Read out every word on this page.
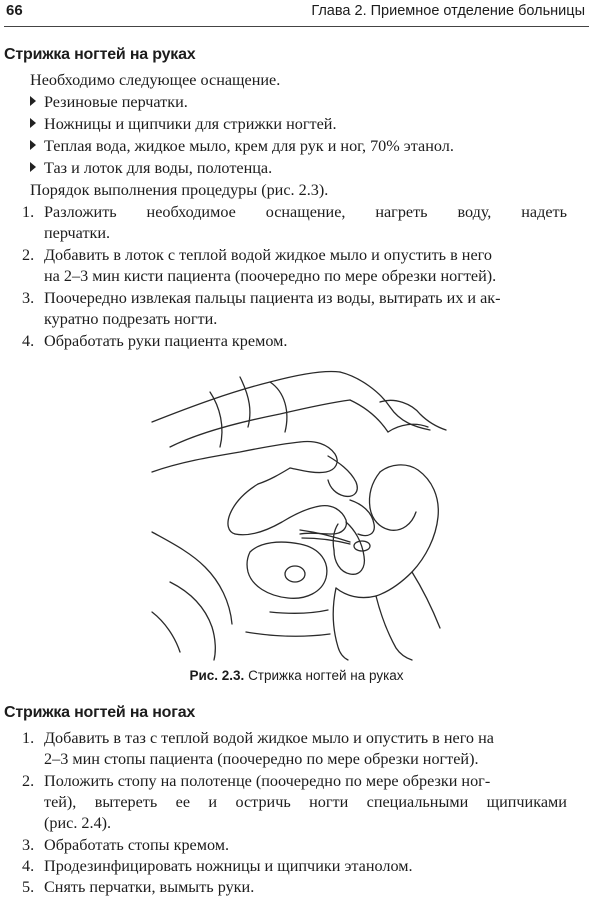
66	Глава 2. Приемное отделение больницы
Стрижка ногтей на руках
Необходимо следующее оснащение.
Резиновые перчатки.
Ножницы и щипчики для стрижки ногтей.
Теплая вода, жидкое мыло, крем для рук и ног, 70% этанол.
Таз и лоток для воды, полотенца.
Порядок выполнения процедуры (рис. 2.3).
1. Разложить необходимое оснащение, нагреть воду, надеть
перчатки.
2. Добавить в лоток с теплой водой жидкое мыло и опустить в него
на 2–3 мин кисти пациента (поочередно по мере обрезки ногтей).
3. Поочередно извлекая пальцы пациента из воды, вытирать их и ак-
куратно подрезать ногти.
4. Обработать руки пациента кремом.
Рис. 2.3. Стрижка ногтей на руках
Стрижка ногтей на ногах
1. Добавить в таз с теплой водой жидкое мыло и опустить в него на
2–3 мин стопы пациента (поочередно по мере обрезки ногтей).
2. Положить стопу на полотенце (поочередно по мере обрезки ног-
тей), вытереть ее и остричь ногти специальными щипчиками
(рис. 2.4).
3. Обработать стопы кремом.
4. Продезинфицировать ножницы и щипчики этанолом.
5. Снять перчатки, вымыть руки.
